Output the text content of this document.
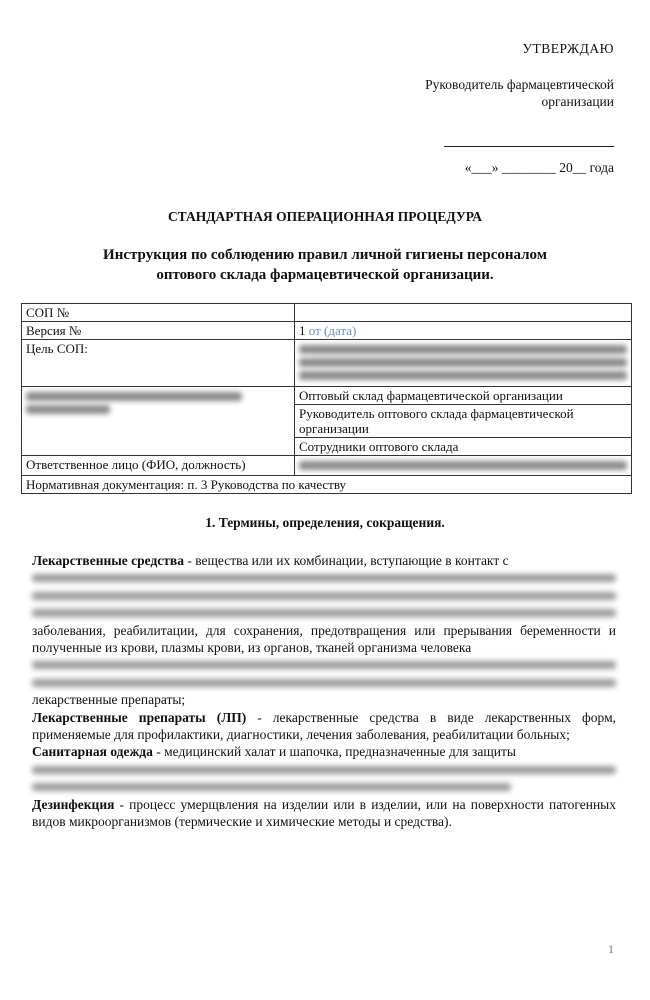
УТВЕРЖДАЮ
Руководитель фармацевтической
организации
«___» ________ 20__ года
СТАНДАРТНАЯ ОПЕРАЦИОННАЯ ПРОЦЕДУРА
Инструкция по соблюдению правил личной гигиены персоналом
оптового склада фармацевтической организации.
СОП №	
Версия №	1 от (дата)
Цель СОП:	

	Оптовый склад фармацевтической организации
	Руководитель оптового склада фармацевтической организации
	Сотрудники оптового склада
Ответственное лицо (ФИО, должность)	

Нормативная документация: п. 3 Руководства по качеству	
1. Термины, определения, сокращения.

Лекарственные средства - вещества или их комбинации, вступающие в контакт с

заболевания, реабилитации, для сохранения, предотвращения или прерывания беременности и полученные из крови, плазмы крови, из органов, тканей организма человека

лекарственные препараты;

Лекарственные препараты (ЛП) - лекарственные средства в виде лекарственных форм, применяемые для профилактики, диагностики, лечения заболевания, реабилитации больных;

Санитарная одежда - медицинский халат и шапочка, предназначенные для защиты

Дезинфекция - процесс умерщвления на изделии или в изделии, или на поверхности патогенных видов микроорганизмов (термические и химические методы и средства).

1
